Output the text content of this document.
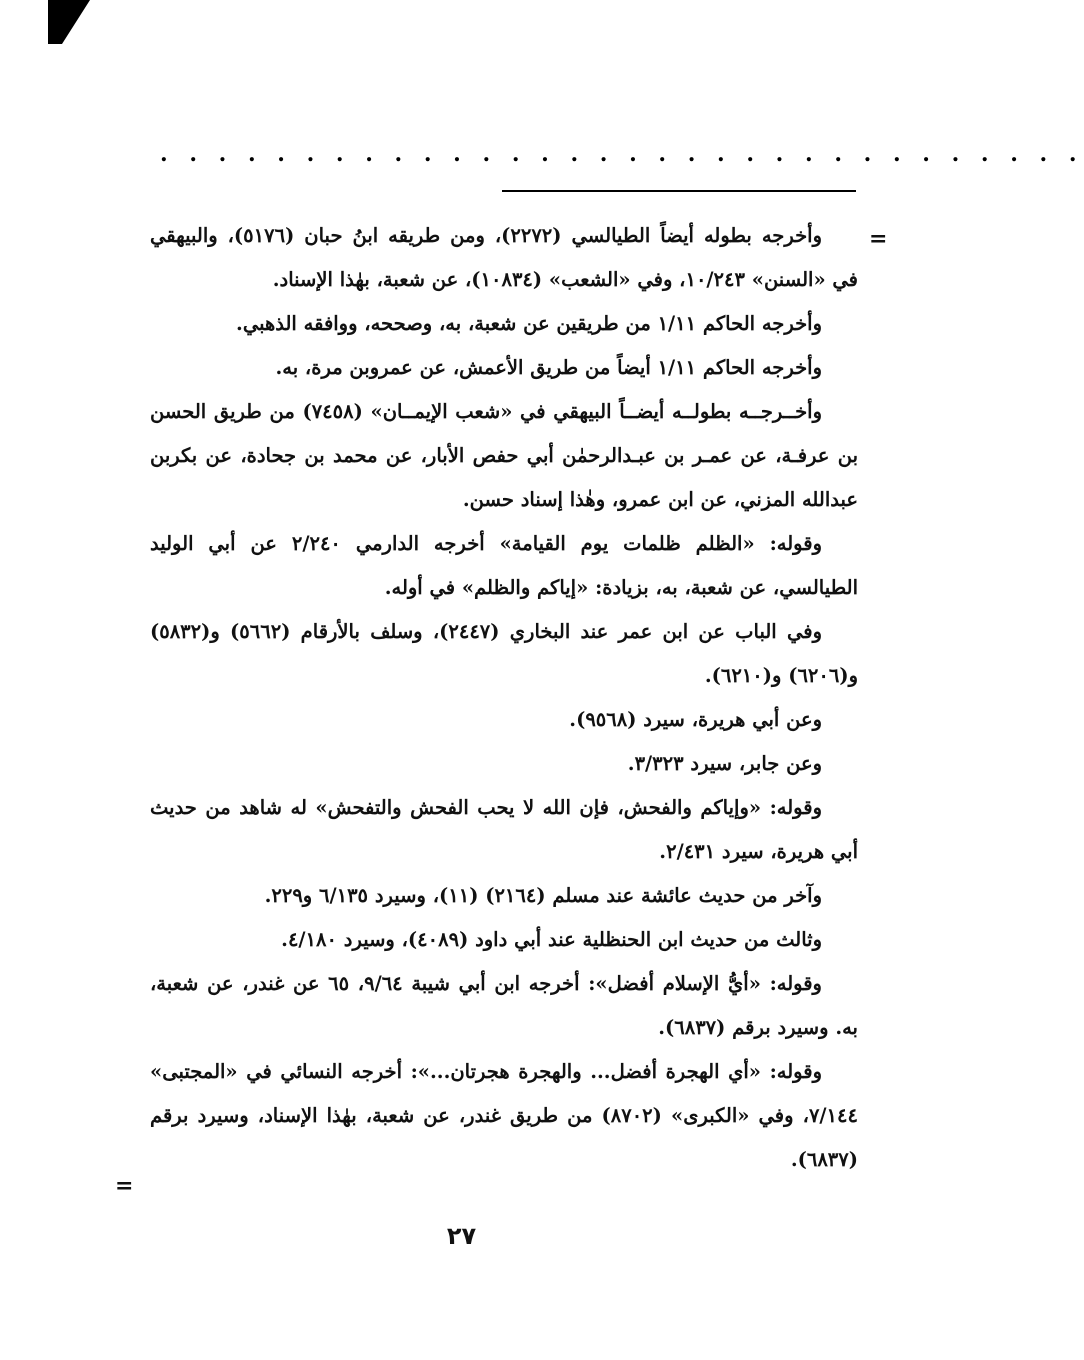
. . . . . . . . . . . . . . . . . . . . . . . . . . . . . . . .
=
=

وأخرجه بطوله أيضاً الطيالسي (٢٢٧٢)، ومن طريقه ابنُ حبان (٥١٧٦)، والبيهقي في «السنن» ١٠/٢٤٣، وفي «الشعب» (١٠٨٣٤)، عن شعبة، بهٰذا الإسناد.

وأخرجه الحاكم ١/١١ من طريقين عن شعبة، به، وصححه، ووافقه الذهبي.

وأخرجه الحاكم ١/١١ أيضاً من طريق الأعمش، عن عمروبن مرة، به.

وأخــرجــه بطولــه أيضــاً البيهقي في «شعب الإيمــان» (٧٤٥٨) من طريق الحسن بن عرفـة، عن عمـر بن عبـدالرحمٰن أبي حفص الأبار، عن محمد بن جحادة، عن بكربن عبدالله المزني، عن ابن عمرو، وهٰذا إسناد حسن.

وقوله: «الظلم ظلمات يوم القيامة» أخرجه الدارمي ٢/٢٤٠ عن أبي الوليد الطيالسي، عن شعبة، به، بزيادة: «إياكم والظلم» في أوله.

وفي البا‌ب عن ابن عمر عند البخاري (٢٤٤٧)، وسلف بالأرقام (٥٦٦٢) و(٥٨٣٢) و(٦٢٠٦) و(٦٢١٠).

وعن أبي هريرة، سيرد (٩٥٦٨).

وعن جابر، سيرد ٣/٣٢٣.

وقوله: «وإياكم والفحش، فإن الله لا يحب الفحش والتفحش» له شاهد من حديث أبي هريرة، سيرد ٢/٤٣١.

وآخر من حديث عائشة عند مسلم (٢١٦٤) (١١)، وسيرد ٦/١٣٥ و٢٢٩.

وثالث من حديث ابن الحنظلية عند أبي داود (٤٠٨٩)، وسيرد ٤/١٨٠.

وقوله: «أيُّ الإسلام أفضل»: أخرجه ابن أبي شيبة ٩/٦٤، ٦٥ عن غندر، عن شعبة، به. وسيرد برقم (٦٨٣٧).

وقوله: «أي الهجرة أفضل... والهجرة هجرتان...»: أخرجه النسائي في «المجتبى» ٧/١٤٤، وفي «الكبرى» (٨٧٠٢) من طريق غندر، عن شعبة، بهٰذا الإسناد، وسيرد برقم (٦٨٣٧).

٢٧
